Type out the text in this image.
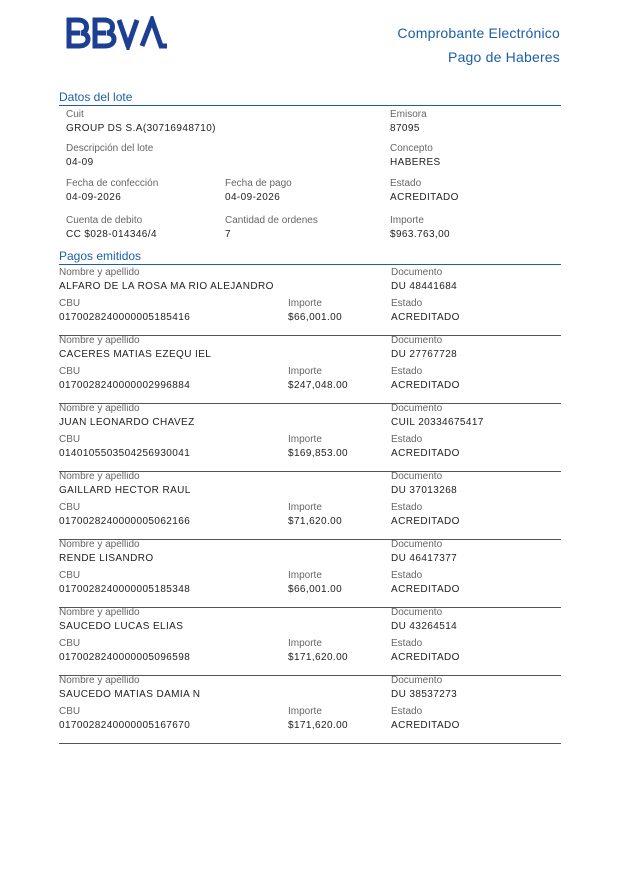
Comprobante Electrónico
Pago de Haberes
Datos del lote
Cuit
GROUP DS S.A(30716948710)
Emisora
87095
Descripción del lote
04-09
Concepto
HABERES
Fecha de confección
04-09-2026
Fecha de pago
04-09-2026
Estado
ACREDITADO
Cuenta de debito
CC $028-014346/4
Cantidad de ordenes
7
Importe
$963.763,00
Pagos emitidos
Nombre y apellido
ALFARO DE LA ROSA MA RIO ALEJANDRO
Documento
DU 48441684
CBU
0170028240000005185416
Importe
$66,001.00
Estado
ACREDITADO
Nombre y apellido
CACERES MATIAS EZEQU IEL
Documento
DU 27767728
CBU
0170028240000002996884
Importe
$247,048.00
Estado
ACREDITADO
Nombre y apellido
JUAN LEONARDO CHAVEZ
Documento
CUIL 20334675417
CBU
0140105503504256930041
Importe
$169,853.00
Estado
ACREDITADO
Nombre y apellido
GAILLARD HECTOR RAUL
Documento
DU 37013268
CBU
0170028240000005062166
Importe
$71,620.00
Estado
ACREDITADO
Nombre y apellido
RENDE LISANDRO
Documento
DU 46417377
CBU
0170028240000005185348
Importe
$66,001.00
Estado
ACREDITADO
Nombre y apellido
SAUCEDO LUCAS ELIAS
Documento
DU 43264514
CBU
0170028240000005096598
Importe
$171,620.00
Estado
ACREDITADO
Nombre y apellido
SAUCEDO MATIAS DAMIA N
Documento
DU 38537273
CBU
0170028240000005167670
Importe
$171,620.00
Estado
ACREDITADO
